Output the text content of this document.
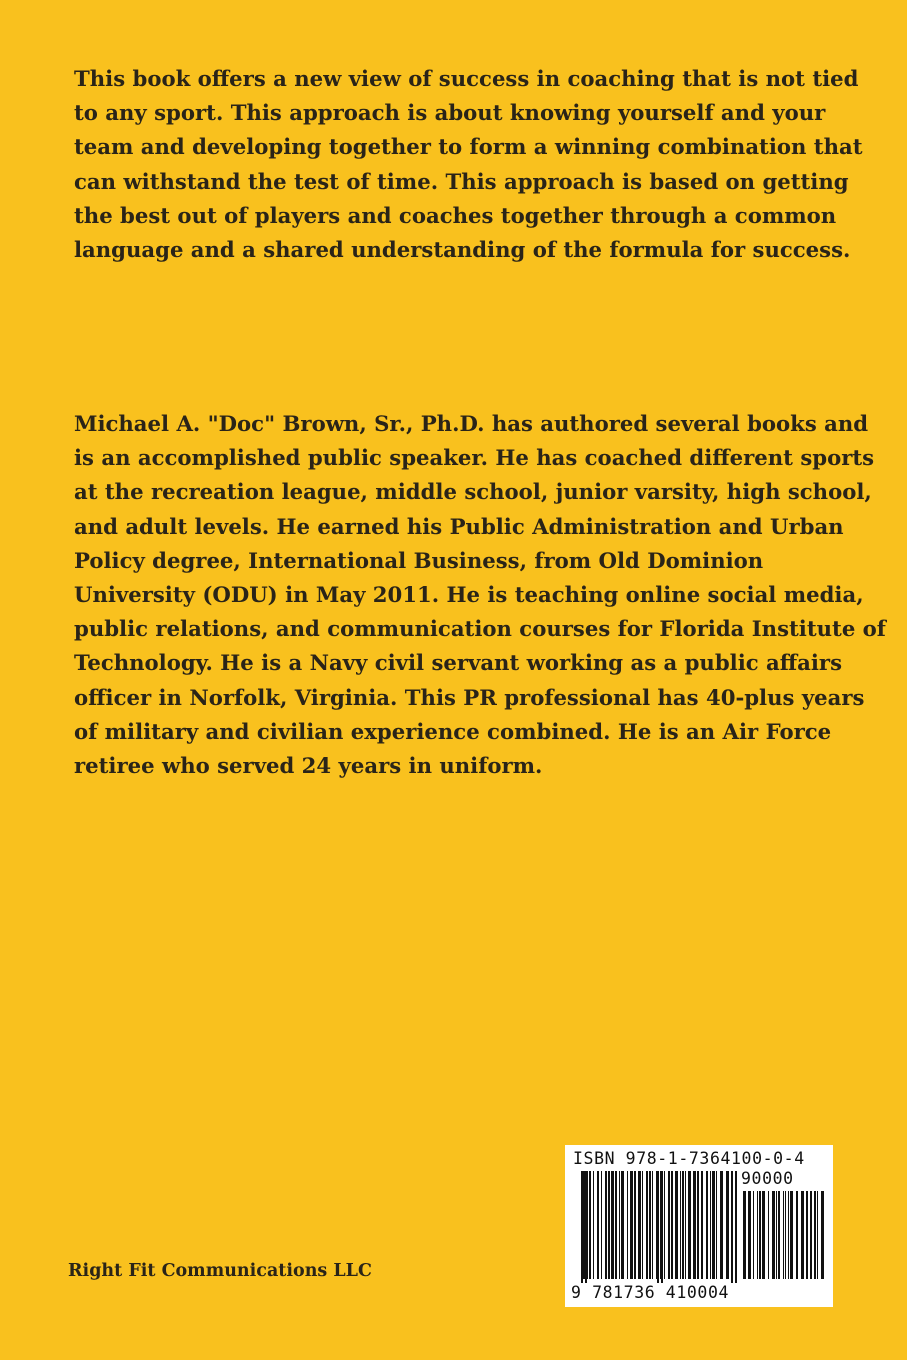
This book offers a new view of success in coaching that is not tied
to any sport. This approach is about knowing yourself and your
team and developing together to form a winning combination that
can withstand the test of time. This approach is based on getting
the best out of players and coaches together through a common
language and a shared understanding of the formula for success.
Michael A. "Doc" Brown, Sr., Ph.D. has authored several books and
is an accomplished public speaker. He has coached different sports
at the recreation league, middle school, junior varsity, high school,
and adult levels. He earned his Public Administration and Urban
Policy degree, International Business, from Old Dominion
University (ODU) in May 2011. He is teaching online social media,
public relations, and communication courses for Florida Institute of
Technology. He is a Navy civil servant working as a public affairs
officer in Norfolk, Virginia. This PR professional has 40-plus years
of military and civilian experience combined. He is an Air Force
retiree who served 24 years in uniform.
Right Fit Communications LLC
ISBN 978-1-7364100-0-4
90000
9 781736 410004
